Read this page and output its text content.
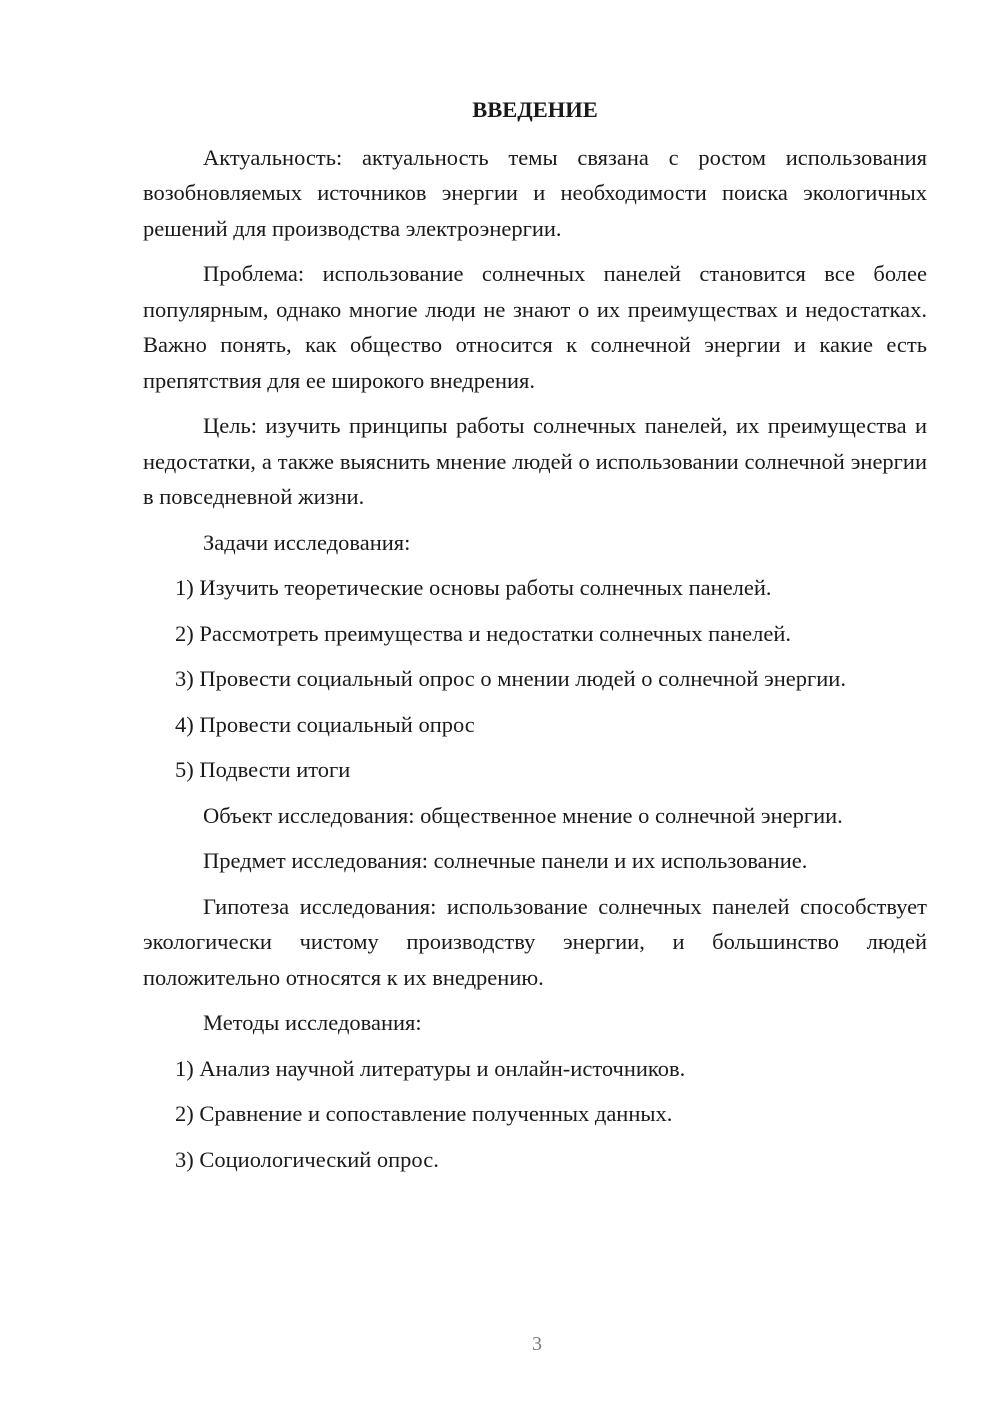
ВВЕДЕНИЕ

Актуальность: актуальность темы связана с ростом использования возобновляемых источников энергии и необходимости поиска экологичных решений для производства электроэнергии.

Проблема: использование солнечных панелей становится все более популярным, однако многие люди не знают о их преимуществах и недостатках. Важно понять, как общество относится к солнечной энергии и какие есть препятствия для ее широкого внедрения.

Цель: изучить принципы работы солнечных панелей, их преимущества и недостатки, а также выяснить мнение людей о использовании солнечной энергии в повседневной жизни.

Задачи исследования:

1) Изучить теоретические основы работы солнечных панелей.

2) Рассмотреть преимущества и недостатки солнечных панелей.

3) Провести социальный опрос о мнении людей о солнечной энергии.

4) Провести социальный опрос

5) Подвести итоги

Объект исследования: общественное мнение о солнечной энергии.

Предмет исследования: солнечные панели и их использование.

Гипотеза исследования: использование солнечных панелей способствует экологически чистому производству энергии, и большинство людей положительно относятся к их внедрению.

Методы исследования:

1) Анализ научной литературы и онлайн-источников.

2) Сравнение и сопоставление полученных данных.

3) Социологический опрос.

3
